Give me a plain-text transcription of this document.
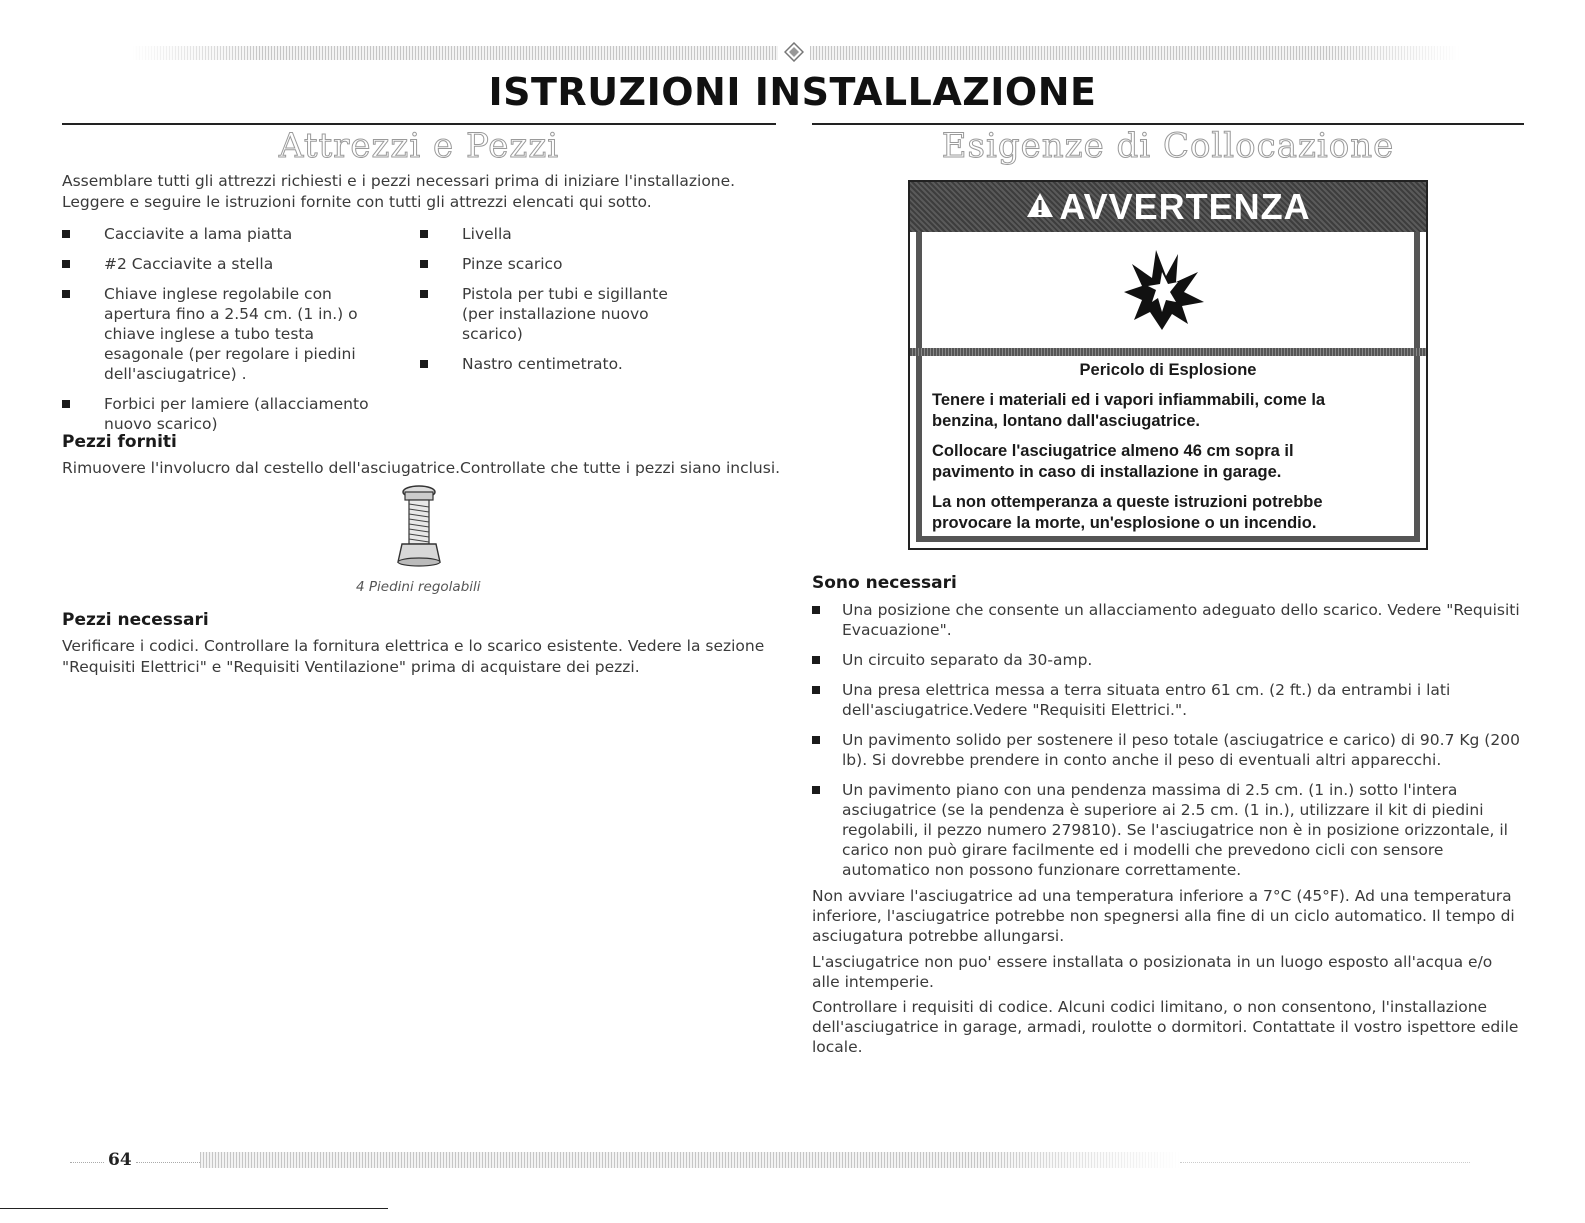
ISTRUZIONI INSTALLAZIONE
Attrezzi e Pezzi
Assemblare tutti gli attrezzi richiesti e i pezzi necessari prima di iniziare l'installazione.
Leggere e seguire le istruzioni fornite con tutti gli attrezzi elencati qui sotto.
Cacciavite a lama piatta
#2 Cacciavite a stella
Chiave inglese regolabile con apertura fino a 2.54 cm. (1 in.) o chiave inglese a tubo testa esagonale (per regolare i piedini dell'asciugatrice) .
Forbici per lamiere (allacciamento nuovo scarico)
Livella
Pinze scarico
Pistola per tubi e sigillante (per installazione nuovo scarico)
Nastro centimetrato.
Pezzi forniti
Rimuovere l'involucro dal cestello dell'asciugatrice.Controllate che tutte i pezzi siano inclusi.
4 Piedini regolabili
Pezzi necessari
Verificare i codici. Controllare la fornitura elettrica e lo scarico esistente. Vedere la sezione "Requisiti Elettrici" e "Requisiti Ventilazione" prima di acquistare dei pezzi.
Esigenze di Collocazione
AVVERTENZA
Pericolo di Esplosione
Tenere i materiali ed i vapori infiammabili, come la benzina, lontano dall'asciugatrice.
Collocare l'asciugatrice almeno 46 cm sopra il pavimento in caso di installazione in garage.
La non ottemperanza a queste istruzioni potrebbe provocare la morte, un'esplosione o un incendio.
Sono necessari
Una posizione che consente un allacciamento adeguato dello scarico. Vedere "Requisiti Evacuazione".
Un circuito separato da 30-amp.
Una presa elettrica messa a terra situata entro 61 cm. (2 ft.) da entrambi i lati dell'asciugatrice.Vedere "Requisiti Elettrici.".
Un pavimento solido per sostenere il peso totale (asciugatrice e carico) di 90.7 Kg (200 lb). Si dovrebbe prendere in conto anche il peso di eventuali altri apparecchi.
Un pavimento piano con una pendenza massima di 2.5 cm. (1 in.) sotto l'intera asciugatrice (se la pendenza è superiore ai 2.5 cm. (1 in.), utilizzare il kit di piedini regolabili, il pezzo numero 279810). Se l'asciugatrice non è in posizione orizzontale, il carico non può girare facilmente ed i modelli che prevedono cicli con sensore automatico non possono funzionare correttamente.
Non avviare l'asciugatrice ad una temperatura inferiore a 7°C (45°F). Ad una temperatura inferiore, l'asciugatrice potrebbe non spegnersi alla fine di un ciclo automatico. Il tempo di asciugatura potrebbe allungarsi.
L'asciugatrice non puo' essere installata o posizionata in un luogo esposto all'acqua e/o alle intemperie.
Controllare i requisiti di codice. Alcuni codici limitano, o non consentono, l'installazione dell'asciugatrice in garage, armadi, roulotte o dormitori. Contattate il vostro ispettore edile locale.
64
